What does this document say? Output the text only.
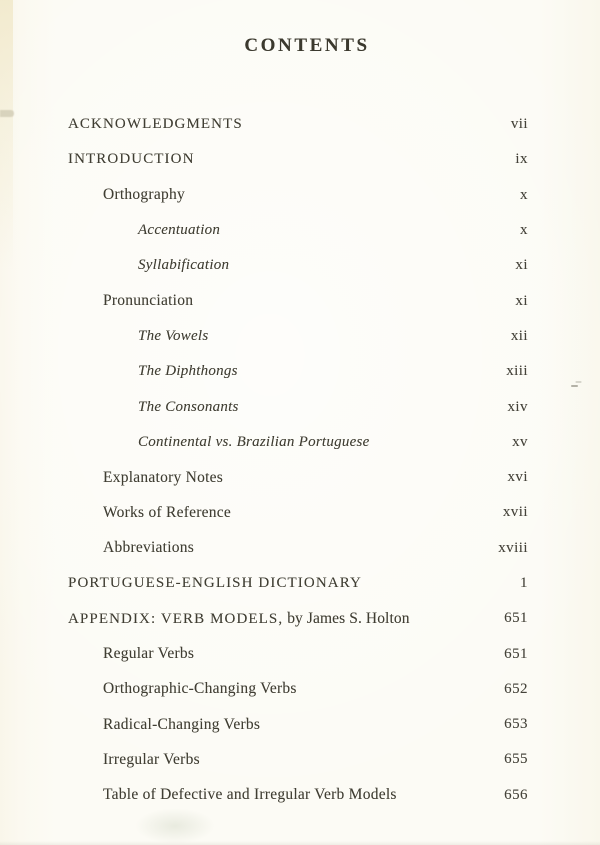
CONTENTS
ACKNOWLEDGMENTS	vii
INTRODUCTION	ix
Orthography	x
Accentuation	x
Syllabification	xi
Pronunciation	xi
The Vowels	xii
The Diphthongs	xiii
The Consonants	xiv
Continental vs. Brazilian Portuguese	xv
Explanatory Notes	xvi
Works of Reference	xvii
Abbreviations	xviii
PORTUGUESE-ENGLISH DICTIONARY	1
APPENDIX: VERB MODELS, by James S. Holton	651
Regular Verbs	651
Orthographic-Changing Verbs	652
Radical-Changing Verbs	653
Irregular Verbs	655
Table of Defective and Irregular Verb Models	656
